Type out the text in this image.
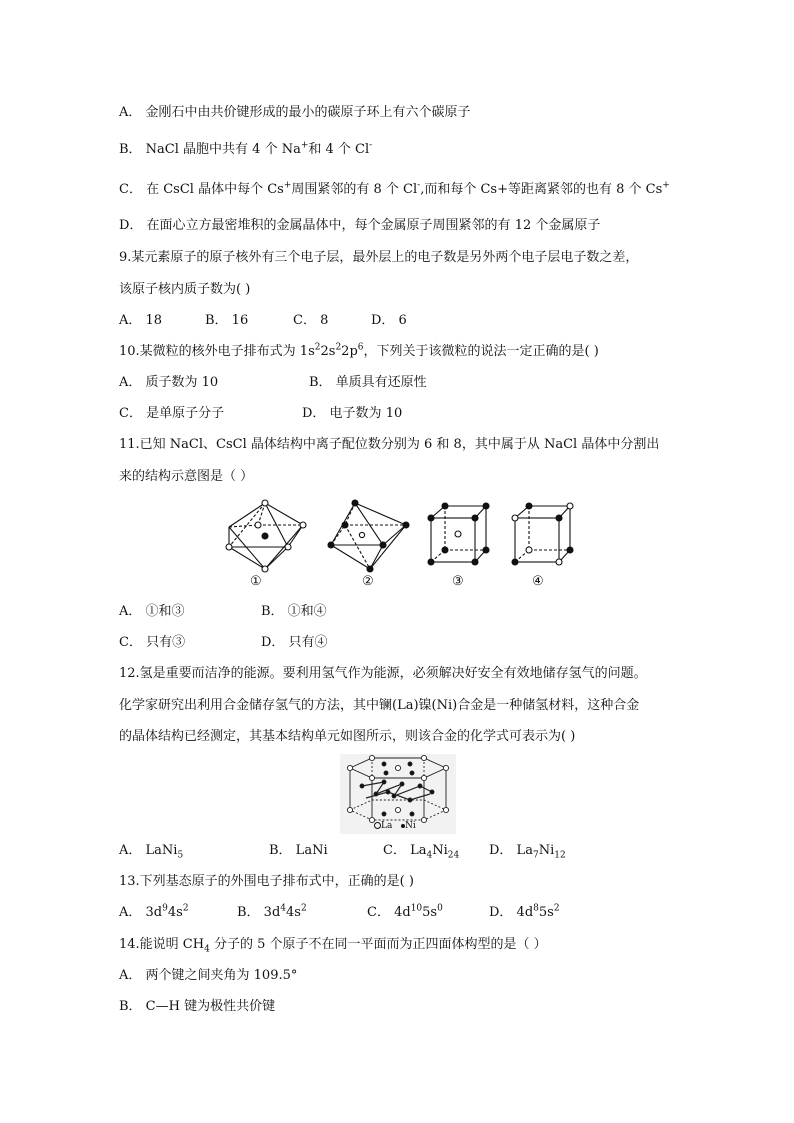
A． 金刚石中由共价键形成的最小的碳原子环上有六个碳原子
B． NaCl 晶胞中共有 4 个 Na+和 4 个 Cl-
C． 在 CsCl 晶体中每个 Cs+周围紧邻的有 8 个 Cl-,而和每个 Cs+等距离紧邻的也有 8 个 Cs+
D． 在面心立方最密堆积的金属晶体中，每个金属原子周围紧邻的有 12 个金属原子
9.某元素原子的原子核外有三个电子层，最外层上的电子数是另外两个电子层电子数之差，
该原子核内质子数为( )
A． 18	B． 16	C． 8	D． 6
10.某微粒的核外电子排布式为 $1s^22s^22p^6$，下列关于该微粒的说法一定正确的是( )
A． 质子数为 10	B． 单质具有还原性
C． 是单原子分子	D． 电子数为 10
11.已知 NaCl、CsCl 晶体结构中离子配位数分别为 6 和 8，其中属于从 NaCl 晶体中分割出
来的结构示意图是（ ）
①	②	③	④
A． ①和③	B． ①和④
C． 只有③	D． 只有④
12.氢是重要而洁净的能源。要利用氢气作为能源，必须解决好安全有效地储存氢气的问题。
化学家研究出利用合金储存氢气的方法，其中镧(La)镍(Ni)合金是一种储氢材料，这种合金
的晶体结构已经测定，其基本结构单元如图所示，则该合金的化学式可表示为( )
La Ni
A． LaNi$_5$	B． LaNi	C． $La_4Ni_{24}$ D． $La_7Ni_{12}$
13.下列基态原子的外围电子排布式中，正确的是( )
A． $3d^94s^2$	B． $3d^44s^2$	C． $4d^{10}5s^0$	D． $4d^85s^2$
14.能说明 $CH_4$ 分子的 5 个原子不在同一平面而为正四面体构型的是（ ）
A． 两个键之间夹角为 109.5°
B． C—H 键为极性共价键
